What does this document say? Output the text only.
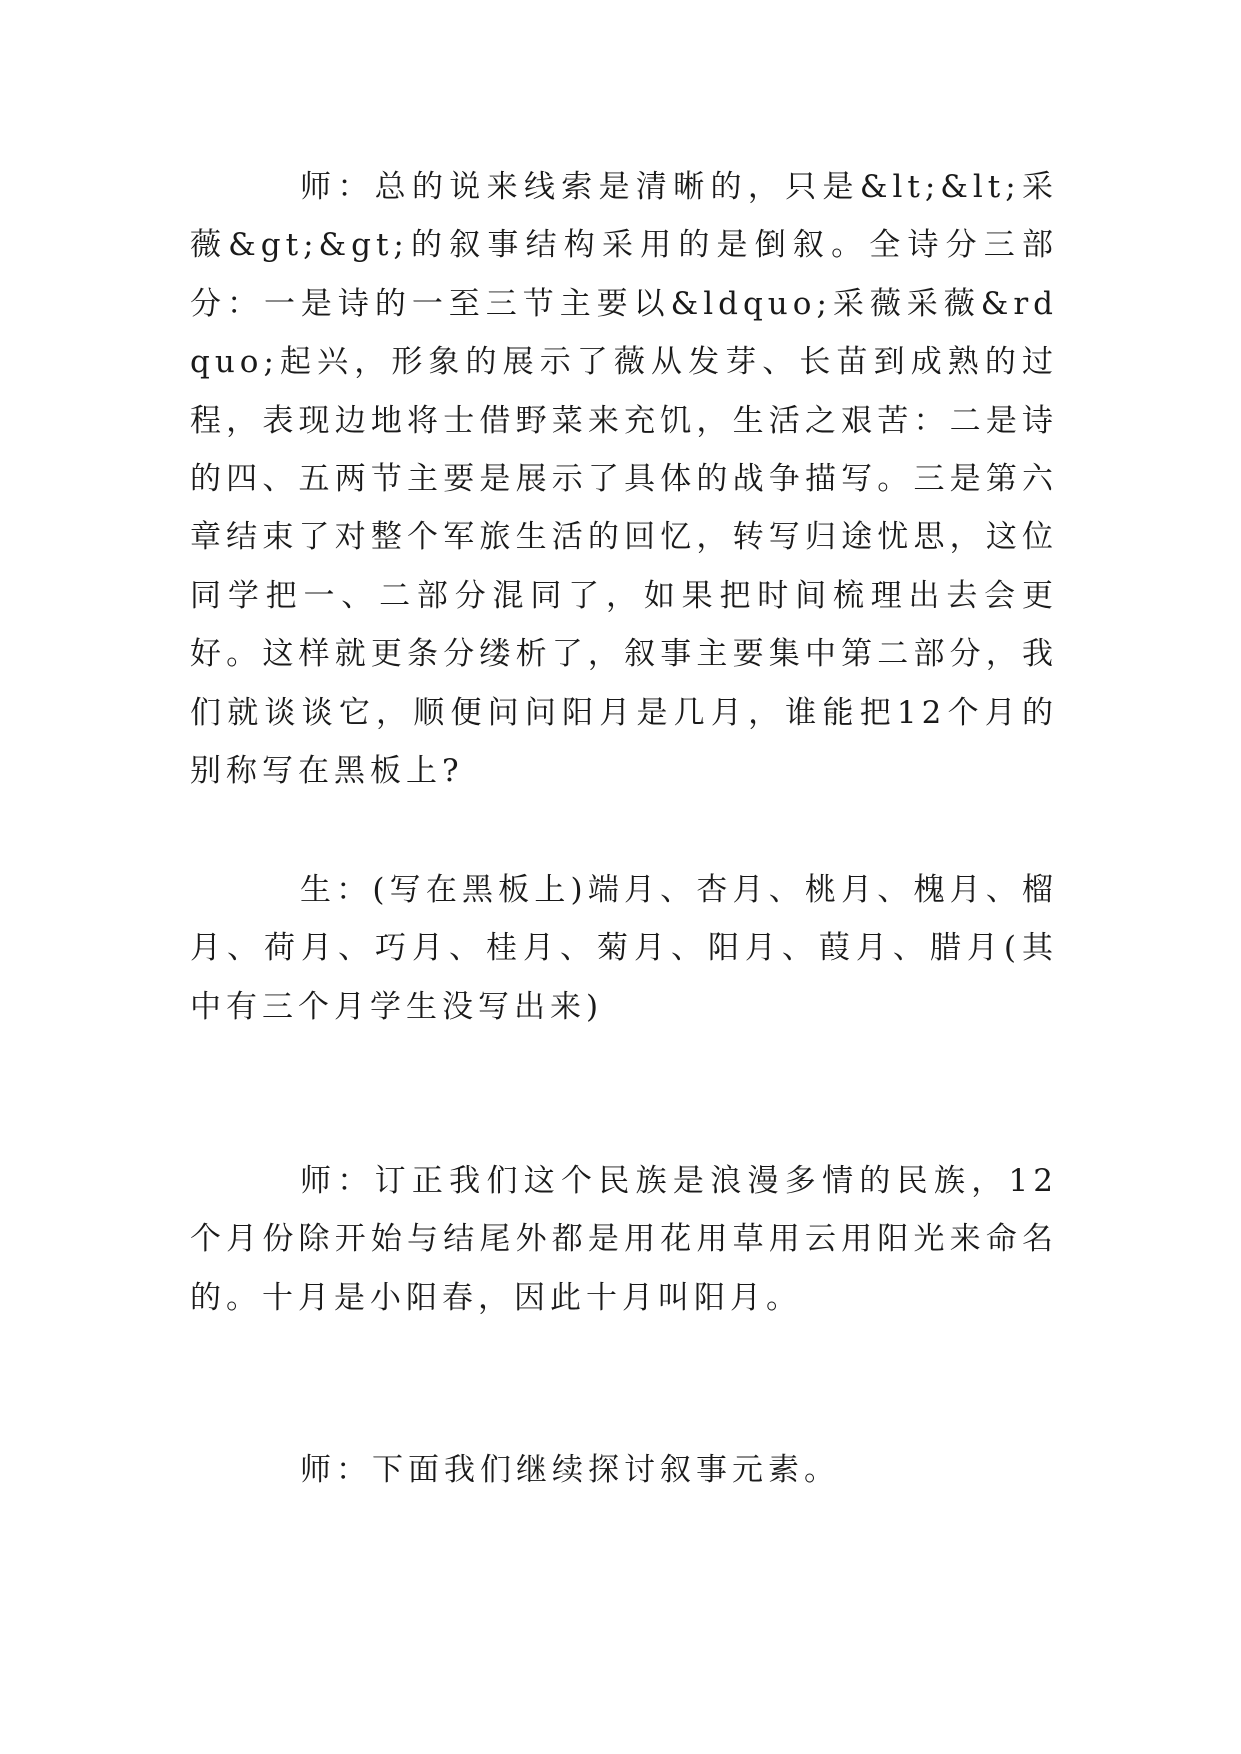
师：总的说来线索是清晰的，只是&lt;&lt;采薇&gt;&gt;的叙事结构采用的是倒叙。全诗分三部分：一是诗的一至三节主要以&ldquo;采薇采薇&rdquo;起兴，形象的展示了薇从发芽、长苗到成熟的过程，表现边地将士借野菜来充饥，生活之艰苦：二是诗的四、五两节主要是展示了具体的战争描写。三是第六章结束了对整个军旅生活的回忆，转写归途忧思，这位同学把一、二部分混同了，如果把时间梳理出去会更好。这样就更条分缕析了，叙事主要集中第二部分，我们就谈谈它，顺便问问阳月是几月，谁能把12个月的别称写在黑板上?

生：(写在黑板上)端月、杏月、桃月、槐月、榴月、荷月、巧月、桂月、菊月、阳月、葭月、腊月(其中有三个月学生没写出来)

师：订正我们这个民族是浪漫多情的民族，12个月份除开始与结尾外都是用花用草用云用阳光来命名的。十月是小阳春，因此十月叫阳月。

师：下面我们继续探讨叙事元素。
